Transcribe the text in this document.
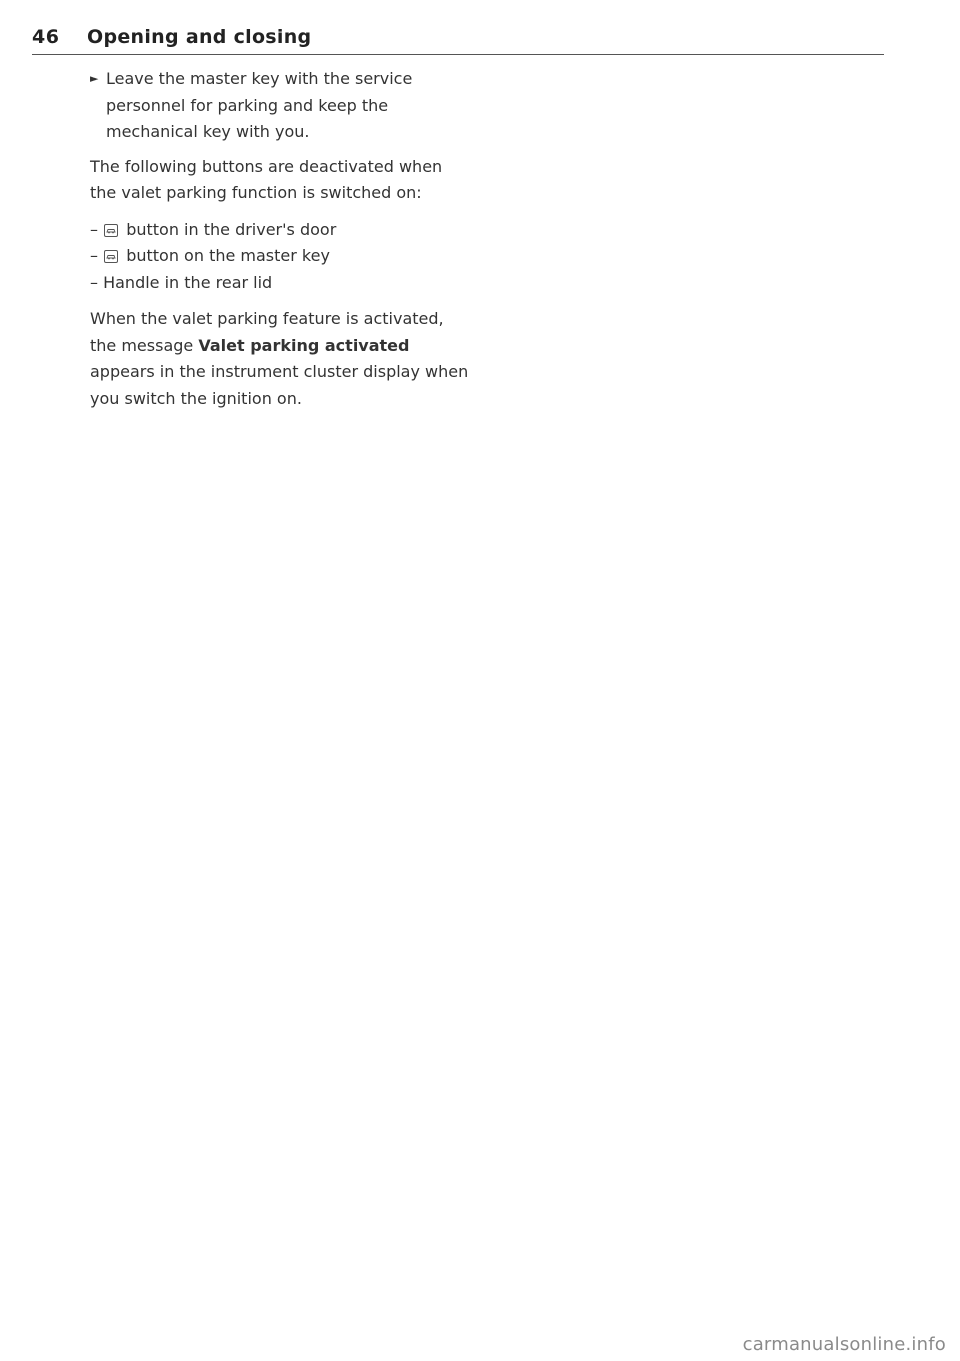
46 Opening and closing
► Leave the master key with the service personnel for parking and keep the mechanical key with you.

The following buttons are deactivated when the valet parking function is switched on:

– button in the driver's door
– button on the master key
– Handle in the rear lid

When the valet parking feature is activated, the message Valet parking activated appears in the instrument cluster display when you switch the ignition on.

carmanualsonline.info
